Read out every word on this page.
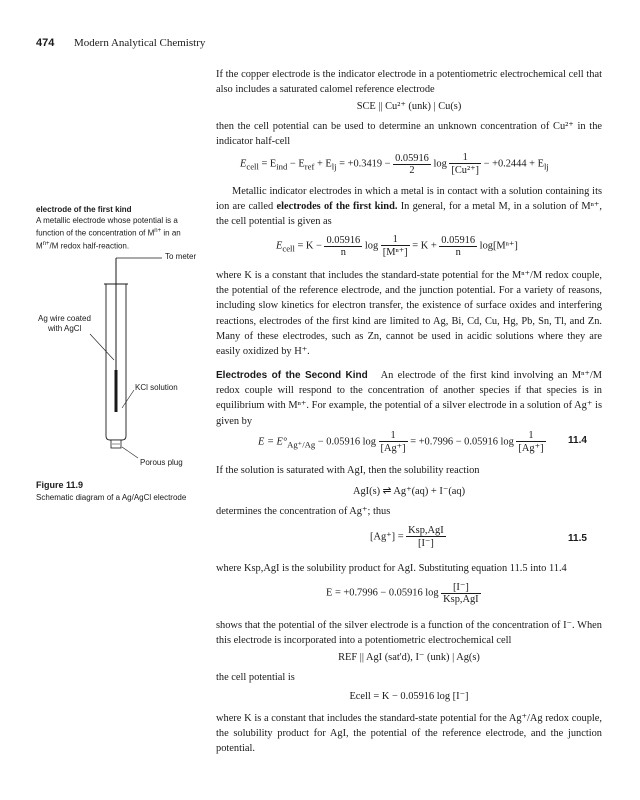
474 Modern Analytical Chemistry
electrode of the first kind
A metallic electrode whose potential is a function of the concentration of $M^{n+}$ in an $M^{n+}/M$ redox half-reaction.
To meter
Ag wire coated
with AgCl
KCl solution
Porous plug
Figure 11.9
Schematic diagram of a Ag/AgCl electrode
If the copper electrode is the indicator electrode in a potentiometric electrochemical cell that also includes a saturated calomel reference electrode
SCE || Cu²⁺ (unk) | Cu(s)
then the cell potential can be used to determine an unknown concentration of Cu²⁺ in the indicator half-cell
$E_{cell} = E_{ind} - E_{ref} + E_{lj} = +0.3419 - \frac{0.05916}{2}$ $\log \frac{1}{\text{[Cu²⁺]}} - +0.2444 + E_{lj}$
Metallic indicator electrodes in which a metal is in contact with a solution containing its ion are called electrodes of the first kind. In general, for a metal M, in a solution of Mⁿ⁺, the cell potential is given as
$E_{cell} = K - \frac{0.05916}{n}$ $\log \frac{1}{\text{[Mⁿ⁺]}} = K + \frac{0.05916}{n} \log[M^{n+}]$
where K is a constant that includes the standard-state potential for the Mⁿ⁺/M redox couple, the potential of the reference electrode, and the junction potential. For a variety of reasons, including slow kinetics for electron transfer, the existence of surface oxides and interfering reactions, electrodes of the first kind are limited to Ag, Bi, Cd, Cu, Hg, Pb, Sn, Tl, and Zn. Many of these electrodes, such as Zn, cannot be used in acidic solutions where they are easily oxidized by H⁺.
Electrodes of the Second Kind An electrode of the first kind involving an Mⁿ⁺/M redox couple will respond to the concentration of another species if that species is in equilibrium with Mⁿ⁺. For example, the potential of a silver electrode in a solution of Ag⁺ is given by
$E = E^\circ_{Ag^+/Ag} - 0.05916$ $\log \frac{1}{[Ag^+]} = +0.7996 - 0.05916$ $\log \frac{1}{[Ag^+]} 11.4$
If the solution is saturated with AgI, then the solubility reaction
AgI(s) ⇌ Ag⁺(aq) + I⁻(aq)
determines the concentration of Ag⁺; thus
$[Ag^+] = \frac{\text{Ksp,AgI}}{[I^-]}$	11.5
where Ksp,AgI is the solubility product for AgI. Substituting equation 11.5 into 11.4
E = +0.7996 − 0.05916 $\log \frac{[I^-]}{\text{Ksp,AgI}}$
shows that the potential of the silver electrode is a function of the concentration of I⁻. When this electrode is incorporated into a potentiometric electrochemical cell
REF || AgI (sat'd), I⁻ (unk) | Ag(s)
the cell potential is
Ecell = K − 0.05916 log [I⁻]
where K is a constant that includes the standard-state potential for the Ag⁺/Ag redox couple, the solubility product for AgI, the potential of the reference electrode, and the junction potential.
